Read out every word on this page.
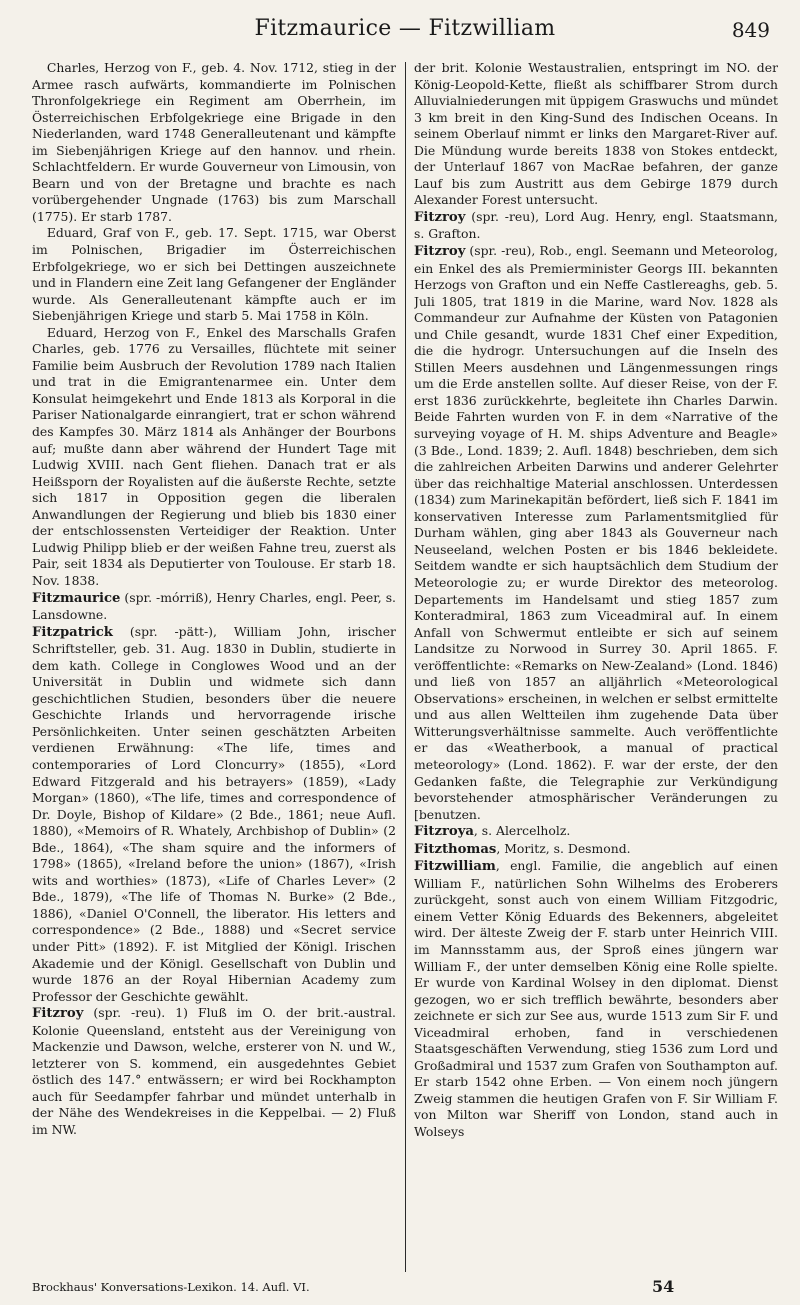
Fitzmaurice — Fitzwilliam	849

Charles, Herzog von F., geb. 4. Nov. 1712, stieg in der Armee rasch aufwärts, kommandierte im Polnischen Thronfolgekriege ein Regiment am Oberrhein, im Österreichischen Erbfolgekriege eine Brigade in den Niederlanden, ward 1748 Generalleutenant und kämpfte im Siebenjährigen Kriege auf den hannov. und rhein. Schlachtfeldern. Er wurde Gouverneur von Limousin, von Bearn und von der Bretagne und brachte es nach vorübergehender Ungnade (1763) bis zum Marschall (1775). Er starb 1787.

Eduard, Graf von F., geb. 17. Sept. 1715, war Oberst im Polnischen, Brigadier im Österreichischen Erbfolgekriege, wo er sich bei Dettingen auszeichnete und in Flandern eine Zeit lang Gefangener der Engländer wurde. Als Generalleutenant kämpfte auch er im Siebenjährigen Kriege und starb 5. Mai 1758 in Köln.

Eduard, Herzog von F., Enkel des Marschalls Grafen Charles, geb. 1776 zu Versailles, flüchtete mit seiner Familie beim Ausbruch der Revolution 1789 nach Italien und trat in die Emigrantenarmee ein. Unter dem Konsulat heimgekehrt und Ende 1813 als Korporal in die Pariser Nationalgarde einrangiert, trat er schon während des Kampfes 30. März 1814 als Anhänger der Bourbons auf; mußte dann aber während der Hundert Tage mit Ludwig XVIII. nach Gent fliehen. Danach trat er als Heißsporn der Royalisten auf die äußerste Rechte, setzte sich 1817 in Opposition gegen die liberalen Anwandlungen der Regierung und blieb bis 1830 einer der entschlossensten Verteidiger der Reaktion. Unter Ludwig Philipp blieb er der weißen Fahne treu, zuerst als Pair, seit 1834 als Deputierter von Toulouse. Er starb 18. Nov. 1838.

Fitzmaurice (spr. -mórriß), Henry Charles, engl. Peer, s. Lansdowne.

Fitzpatrick (spr. -pätt-), William John, irischer Schriftsteller, geb. 31. Aug. 1830 in Dublin, studierte in dem kath. College in Conglowes Wood und an der Universität in Dublin und widmete sich dann geschichtlichen Studien, besonders über die neuere Geschichte Irlands und hervorragende irische Persönlichkeiten. Unter seinen geschätzten Arbeiten verdienen Erwähnung: «The life, times and contemporaries of Lord Cloncurry» (1855), «Lord Edward Fitzgerald and his betrayers» (1859), «Lady Morgan» (1860), «The life, times and correspondence of Dr. Doyle, Bishop of Kildare» (2 Bde., 1861; neue Aufl. 1880), «Memoirs of R. Whately, Archbishop of Dublin» (2 Bde., 1864), «The sham squire and the informers of 1798» (1865), «Ireland before the union» (1867), «Irish wits and worthies» (1873), «Life of Charles Lever» (2 Bde., 1879), «The life of Thomas N. Burke» (2 Bde., 1886), «Daniel O'Connell, the liberator. His letters and correspondence» (2 Bde., 1888) und «Secret service under Pitt» (1892). F. ist Mitglied der Königl. Irischen Akademie und der Königl. Gesellschaft von Dublin und wurde 1876 an der Royal Hibernian Academy zum Professor der Geschichte gewählt.

Fitzroy (spr. -reu). 1) Fluß im O. der brit.-austral. Kolonie Queensland, entsteht aus der Vereinigung von Mackenzie und Dawson, welche, ersterer von N. und W., letzterer von S. kommend, ein ausgedehntes Gebiet östlich des 147.° entwässern; er wird bei Rockhampton auch für Seedampfer fahrbar und mündet unterhalb in der Nähe des Wendekreises in die Keppelbai. — 2) Fluß im NW.

der brit. Kolonie Westaustralien, entspringt im NO. der König-Leopold-Kette, fließt als schiffbarer Strom durch Alluvialniederungen mit üppigem Graswuchs und mündet 3 km breit in den King-Sund des Indischen Oceans. In seinem Oberlauf nimmt er links den Margaret-River auf. Die Mündung wurde bereits 1838 von Stokes entdeckt, der Unterlauf 1867 von MacRae befahren, der ganze Lauf bis zum Austritt aus dem Gebirge 1879 durch Alexander Forest untersucht.

Fitzroy (spr. -reu), Lord Aug. Henry, engl. Staatsmann, s. Grafton.

Fitzroy (spr. -reu), Rob., engl. Seemann und Meteorolog, ein Enkel des als Premierminister Georgs III. bekannten Herzogs von Grafton und ein Neffe Castlereaghs, geb. 5. Juli 1805, trat 1819 in die Marine, ward Nov. 1828 als Commandeur zur Aufnahme der Küsten von Patagonien und Chile gesandt, wurde 1831 Chef einer Expedition, die die hydrogr. Untersuchungen auf die Inseln des Stillen Meers ausdehnen und Längenmessungen rings um die Erde anstellen sollte. Auf dieser Reise, von der F. erst 1836 zurückkehrte, begleitete ihn Charles Darwin. Beide Fahrten wurden von F. in dem «Narrative of the surveying voyage of H. M. ships Adventure and Beagle» (3 Bde., Lond. 1839; 2. Aufl. 1848) beschrieben, dem sich die zahlreichen Arbeiten Darwins und anderer Gelehrter über das reichhaltige Material anschlossen. Unterdessen (1834) zum Marinekapitän befördert, ließ sich F. 1841 im konservativen Interesse zum Parlamentsmitglied für Durham wählen, ging aber 1843 als Gouverneur nach Neuseeland, welchen Posten er bis 1846 bekleidete. Seitdem wandte er sich hauptsächlich dem Studium der Meteorologie zu; er wurde Direktor des meteorolog. Departements im Handelsamt und stieg 1857 zum Konteradmiral, 1863 zum Viceadmiral auf. In einem Anfall von Schwermut entleibte er sich auf seinem Landsitze zu Norwood in Surrey 30. April 1865. F. veröffentlichte: «Remarks on New-Zealand» (Lond. 1846) und ließ von 1857 an alljährlich «Meteorological Observations» erscheinen, in welchen er selbst ermittelte und aus allen Weltteilen ihm zugehende Data über Witterungsverhältnisse sammelte. Auch veröffentlichte er das «Weatherbook, a manual of practical meteorology» (Lond. 1862). F. war der erste, der den Gedanken faßte, die Telegraphie zur Verkündigung bevorstehender atmosphärischer Veränderungen zu [benutzen.

Fitzroya, s. Alercelholz.

Fitzthomas, Moritz, s. Desmond.

Fitzwilliam, engl. Familie, die angeblich auf einen William F., natürlichen Sohn Wilhelms des Eroberers zurückgeht, sonst auch von einem William Fitzgodric, einem Vetter König Eduards des Bekenners, abgeleitet wird. Der älteste Zweig der F. starb unter Heinrich VIII. im Mannsstamm aus, der Sproß eines jüngern war William F., der unter demselben König eine Rolle spielte. Er wurde von Kardinal Wolsey in den diplomat. Dienst gezogen, wo er sich trefflich bewährte, besonders aber zeichnete er sich zur See aus, wurde 1513 zum Sir F. und Viceadmiral erhoben, fand in verschiedenen Staatsgeschäften Verwendung, stieg 1536 zum Lord und Großadmiral und 1537 zum Grafen von Southampton auf. Er starb 1542 ohne Erben. — Von einem noch jüngern Zweig stammen die heutigen Grafen von F. Sir William F. von Milton war Sheriff von London, stand auch in Wolseys

Brockhaus' Konversations-Lexikon. 14. Aufl. VI.	54
